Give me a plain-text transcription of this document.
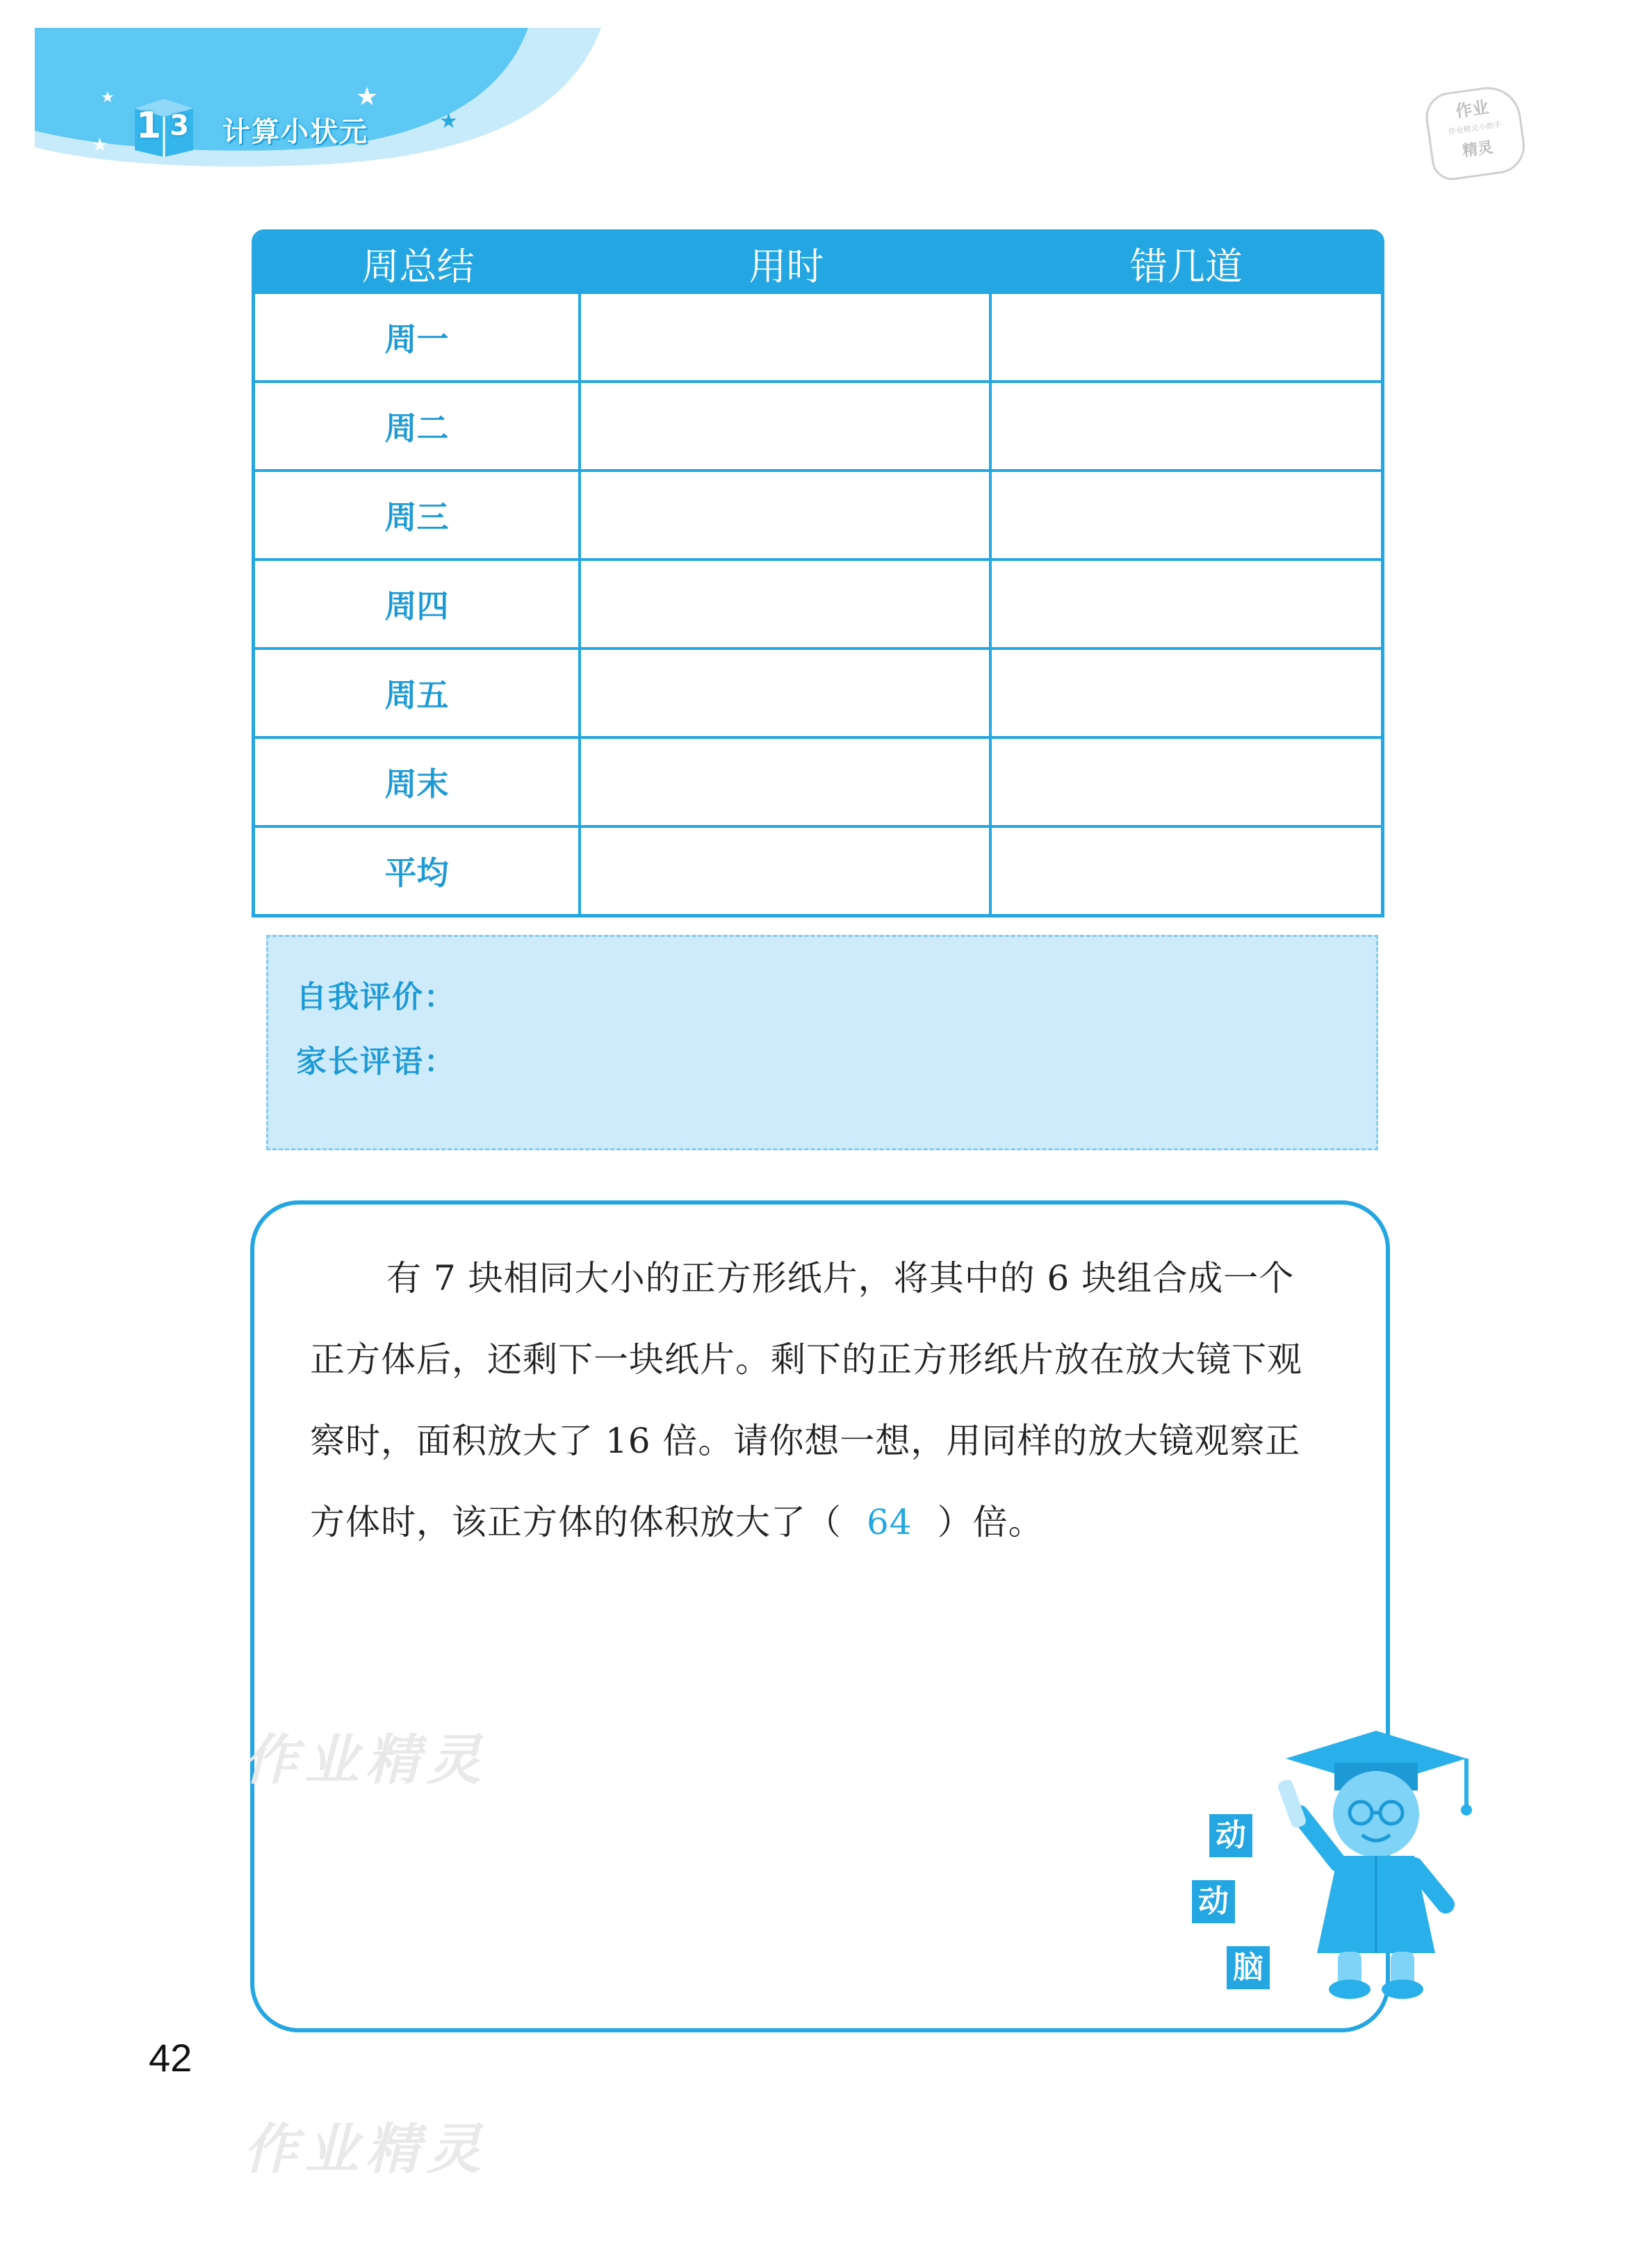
★
★
★
★
1 3 计算小状元
作业
作业精灵小助手
精灵
周总结	用时	错几道
周一
周二
周三
周四
周五
周末
平均
自我评价：
家长评语：
有 7 块相同大小的正方形纸片，将其中的 6 块组合成一个正方体后，还剩下一块纸片。剩下的正方形纸片放在放大镜下观察时，面积放大了 16 倍。请你想一想，用同样的放大镜观察正方体时，该正方体的体积放大了（ 64 ）倍。
作业精灵
作业精灵
动
动
脑
42
